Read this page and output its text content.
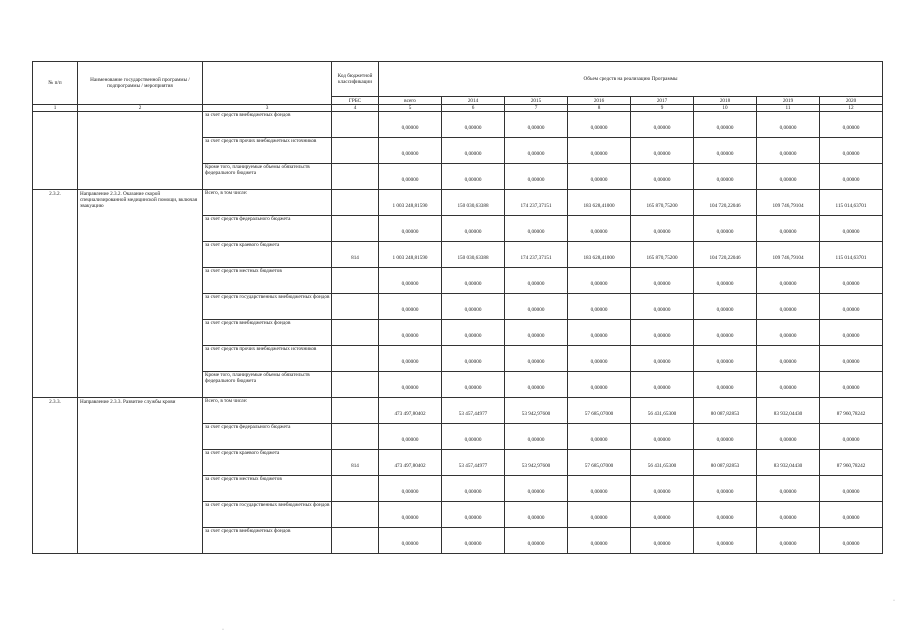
№ п/п	Наименование государственной программы / подпрограммы / мероприятия		Код бюджетной классификации	Объем средств на реализацию Программы							
			ГРБС	всего	2014	2015	2016	2017	2018	2019	2020
1	2	3	4	5	6	7	8	9	10	11	12
		за счет средств внебюджетных фондов		0,00000	0,00000	0,00000	0,00000	0,00000	0,00000	0,00000	0,00000
		за счет средств прочих внебюджетных источников		0,00000	0,00000	0,00000	0,00000	0,00000	0,00000	0,00000	0,00000
		Кроме того, планируемые объемы обязательств федерального бюджета		0,00000	0,00000	0,00000	0,00000	0,00000	0,00000	0,00000	0,00000
2.3.2.	Направление 2.3.2. Оказание скорой специализированной медицинской помощи, включая эвакуацию	Всего, в том числе:		1 003 248,81590	150 030,63388	174 237,37151	183 628,41000	165 870,75200	104 720,22046	109 746,79104	115 014,63701
		за счет средств федерального бюджета		0,00000	0,00000	0,00000	0,00000	0,00000	0,00000	0,00000	0,00000
		за счет средств краевого бюджета	814	1 003 248,81590	150 030,63388	174 237,37151	183 628,41000	165 870,75200	104 720,22046	109 746,79104	115 014,63701
		за счет средств местных бюджетов		0,00000	0,00000	0,00000	0,00000	0,00000	0,00000	0,00000	0,00000
		за счет средств государственных внебюджетных фондов		0,00000	0,00000	0,00000	0,00000	0,00000	0,00000	0,00000	0,00000
		за счет средств внебюджетных фондов		0,00000	0,00000	0,00000	0,00000	0,00000	0,00000	0,00000	0,00000
		за счет средств прочих внебюджетных источников		0,00000	0,00000	0,00000	0,00000	0,00000	0,00000	0,00000	0,00000
		Кроме того, планируемые объемы обязательств федерального бюджета		0,00000	0,00000	0,00000	0,00000	0,00000	0,00000	0,00000	0,00000
2.3.3.	Направление 2.3.3. Развитие службы крови	Всего, в том числе:		473 497,80402	53 457,44977	53 942,97600	57 685,07000	56 431,65300	80 087,82853	83 932,04430	87 960,78242
		за счет средств федерального бюджета		0,00000	0,00000	0,00000	0,00000	0,00000	0,00000	0,00000	0,00000
		за счет средств краевого бюджета	814	473 497,80402	53 457,44977	53 942,97600	57 685,07000	56 431,65300	80 087,82853	83 932,04430	87 960,78242
		за счет средств местных бюджетов		0,00000	0,00000	0,00000	0,00000	0,00000	0,00000	0,00000	0,00000
		за счет средств государственных внебюджетных фондов		0,00000	0,00000	0,00000	0,00000	0,00000	0,00000	0,00000	0,00000
		за счет средств внебюджетных фондов		0,00000	0,00000	0,00000	0,00000	0,00000	0,00000	0,00000	0,00000
·
·
